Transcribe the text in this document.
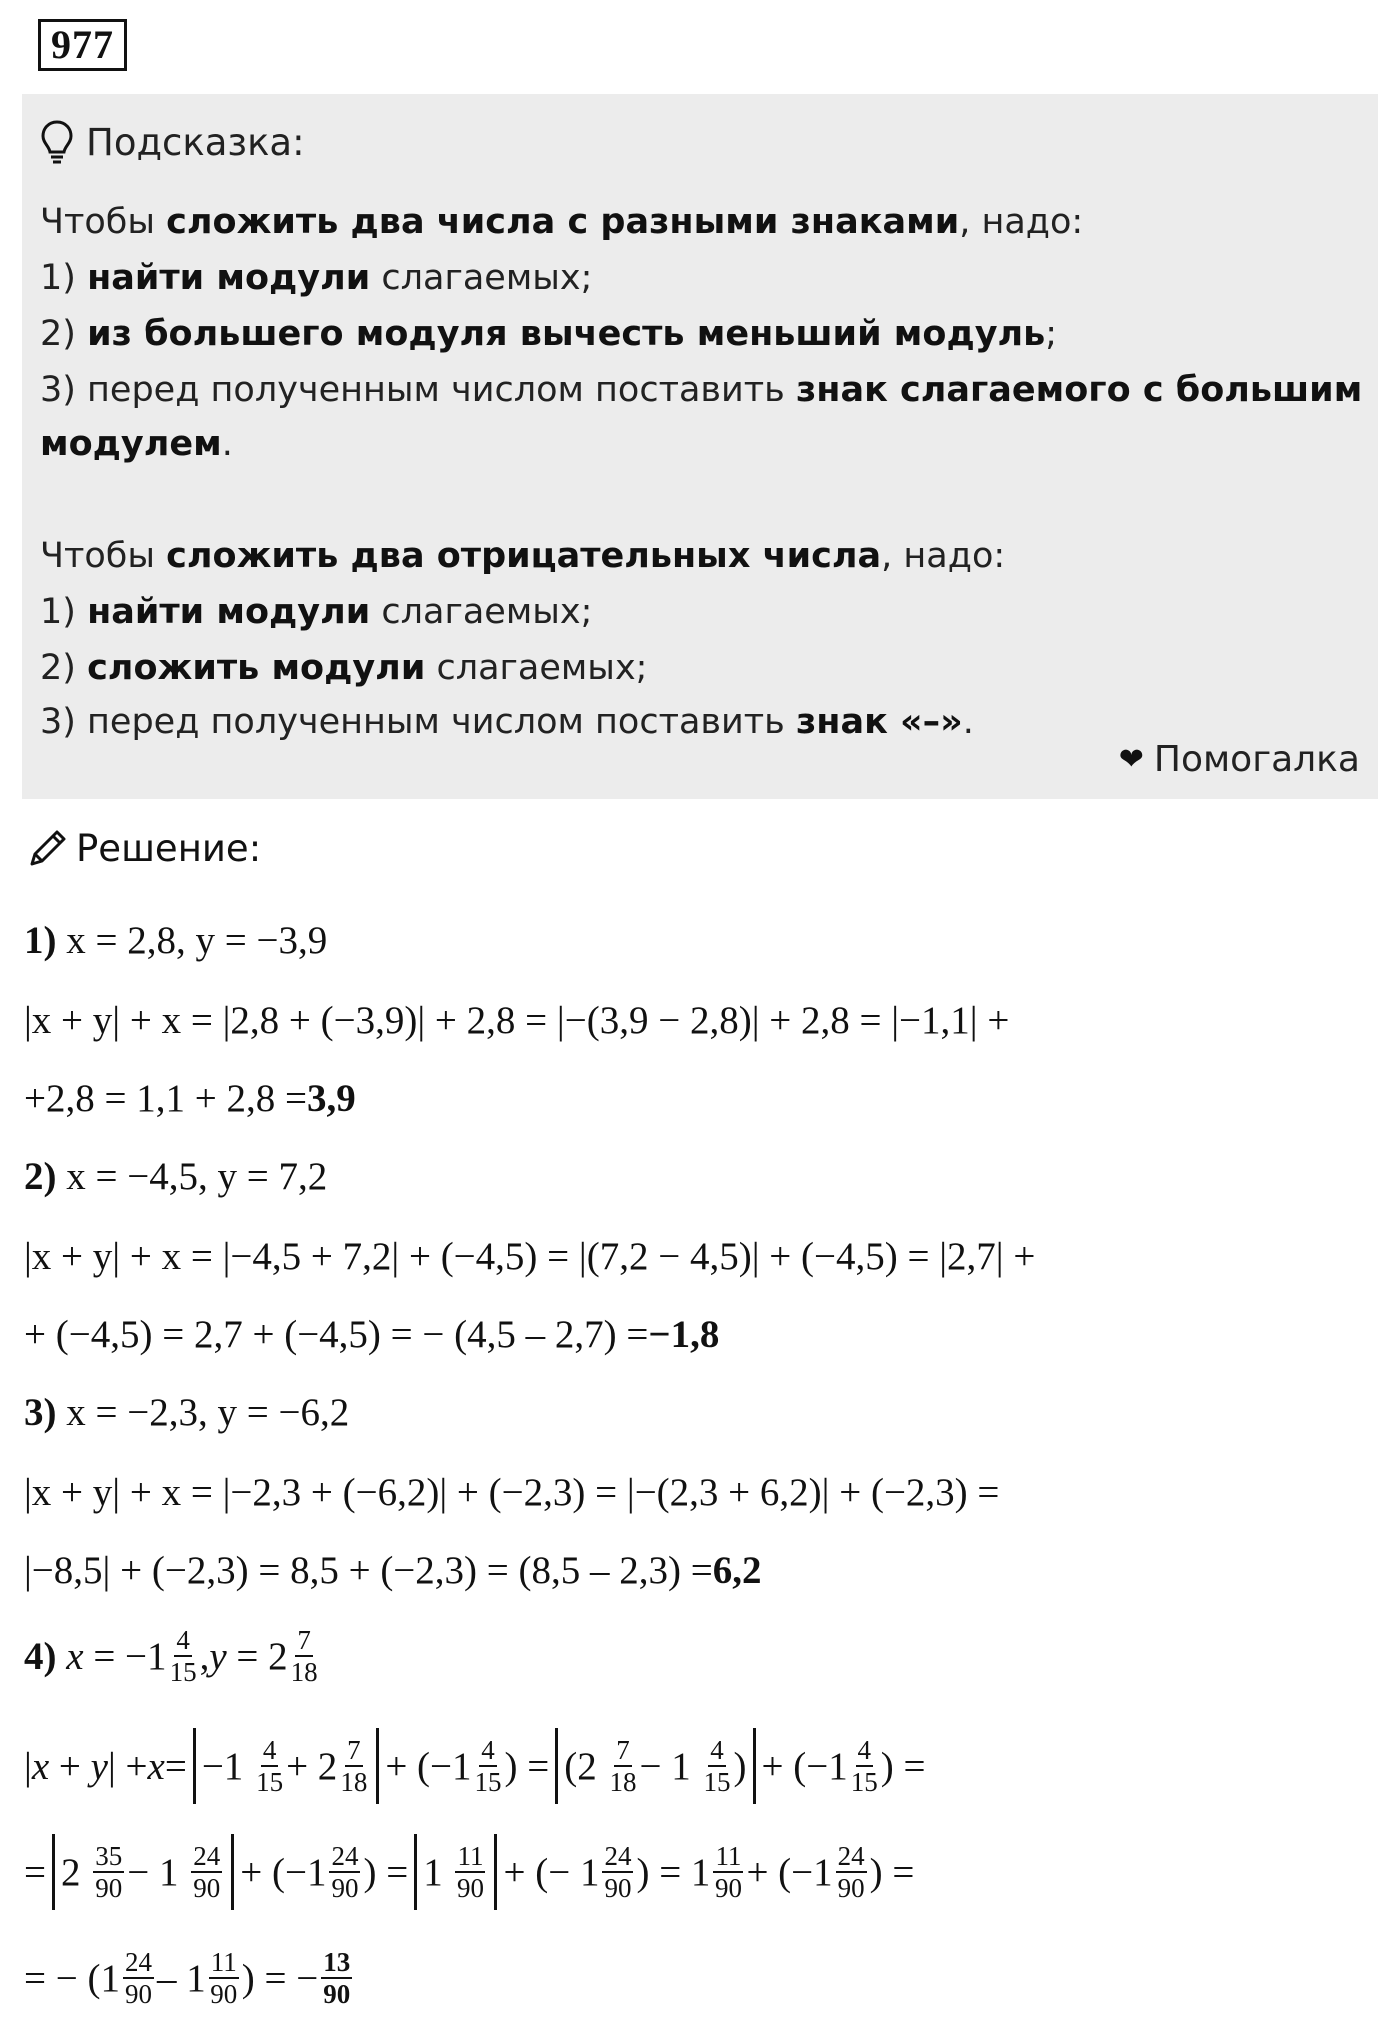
977
Подсказка:
Чтобы сложить два числа с разными знаками, надо:
1) найти модули слагаемых;
2) из большего модуля вычесть меньший модуль;
3) перед полученным числом поставить знак слагаемого с большим
модулем.
Чтобы сложить два отрицательных числа, надо:
1) найти модули слагаемых;
2) сложить модули слагаемых;
3) перед полученным числом поставить знак «–».
❤ Помогалка
Решение:
1)
x = 2,8, y = −3,9
|x + y| + x = |2,8 + (−3,9)| + 2,8 = |−(3,9 − 2,8)| + 2,8 = |−1,1| +
+2,8 = 1,1 + 2,8 = 3,9
2)
x = −4,5, y = 7,2
|x + y| + x = |−4,5 + 7,2| + (−4,5) = |(7,2 − 4,5)| + (−4,5) = |2,7| +
+ (−4,5) = 2,7 + (−4,5) = − (4,5 – 2,7) = −1,8
3)
x = −2,3, y = −6,2
|x + y| + x = |−2,3 + (−6,2)| + (−2,3) = |−(2,3 + 6,2)| + (−2,3) =
|−8,5| + (−2,3) = 8,5 + (−2,3) = (8,5 – 2,3) = 6,2
4)
$x = -1 \frac{4}{15}$ , $y = 2 \frac{7}{18}$
| x + y | + $x = -1 \frac{4}{15} + 2 \frac{7}{18} + (-1 \frac{4}{15}$ ) = ($2 \frac{7}{18} - 1 \frac{4}{15}$ ) + ($-1 \frac{4}{15}$ ) =
= $2 \frac{35}{90} - 1 \frac{24}{90} + (-1 \frac{24}{90}$ ) = $1 \frac{11}{90}$ + (− $1 \frac{24}{90}$ ) = $1 \frac{11}{90} + (-1 \frac{24}{90}$ ) =
= − ($1 \frac{24}{90} - 1 \frac{11}{90}$ ) = − $\frac{13}{90}$
